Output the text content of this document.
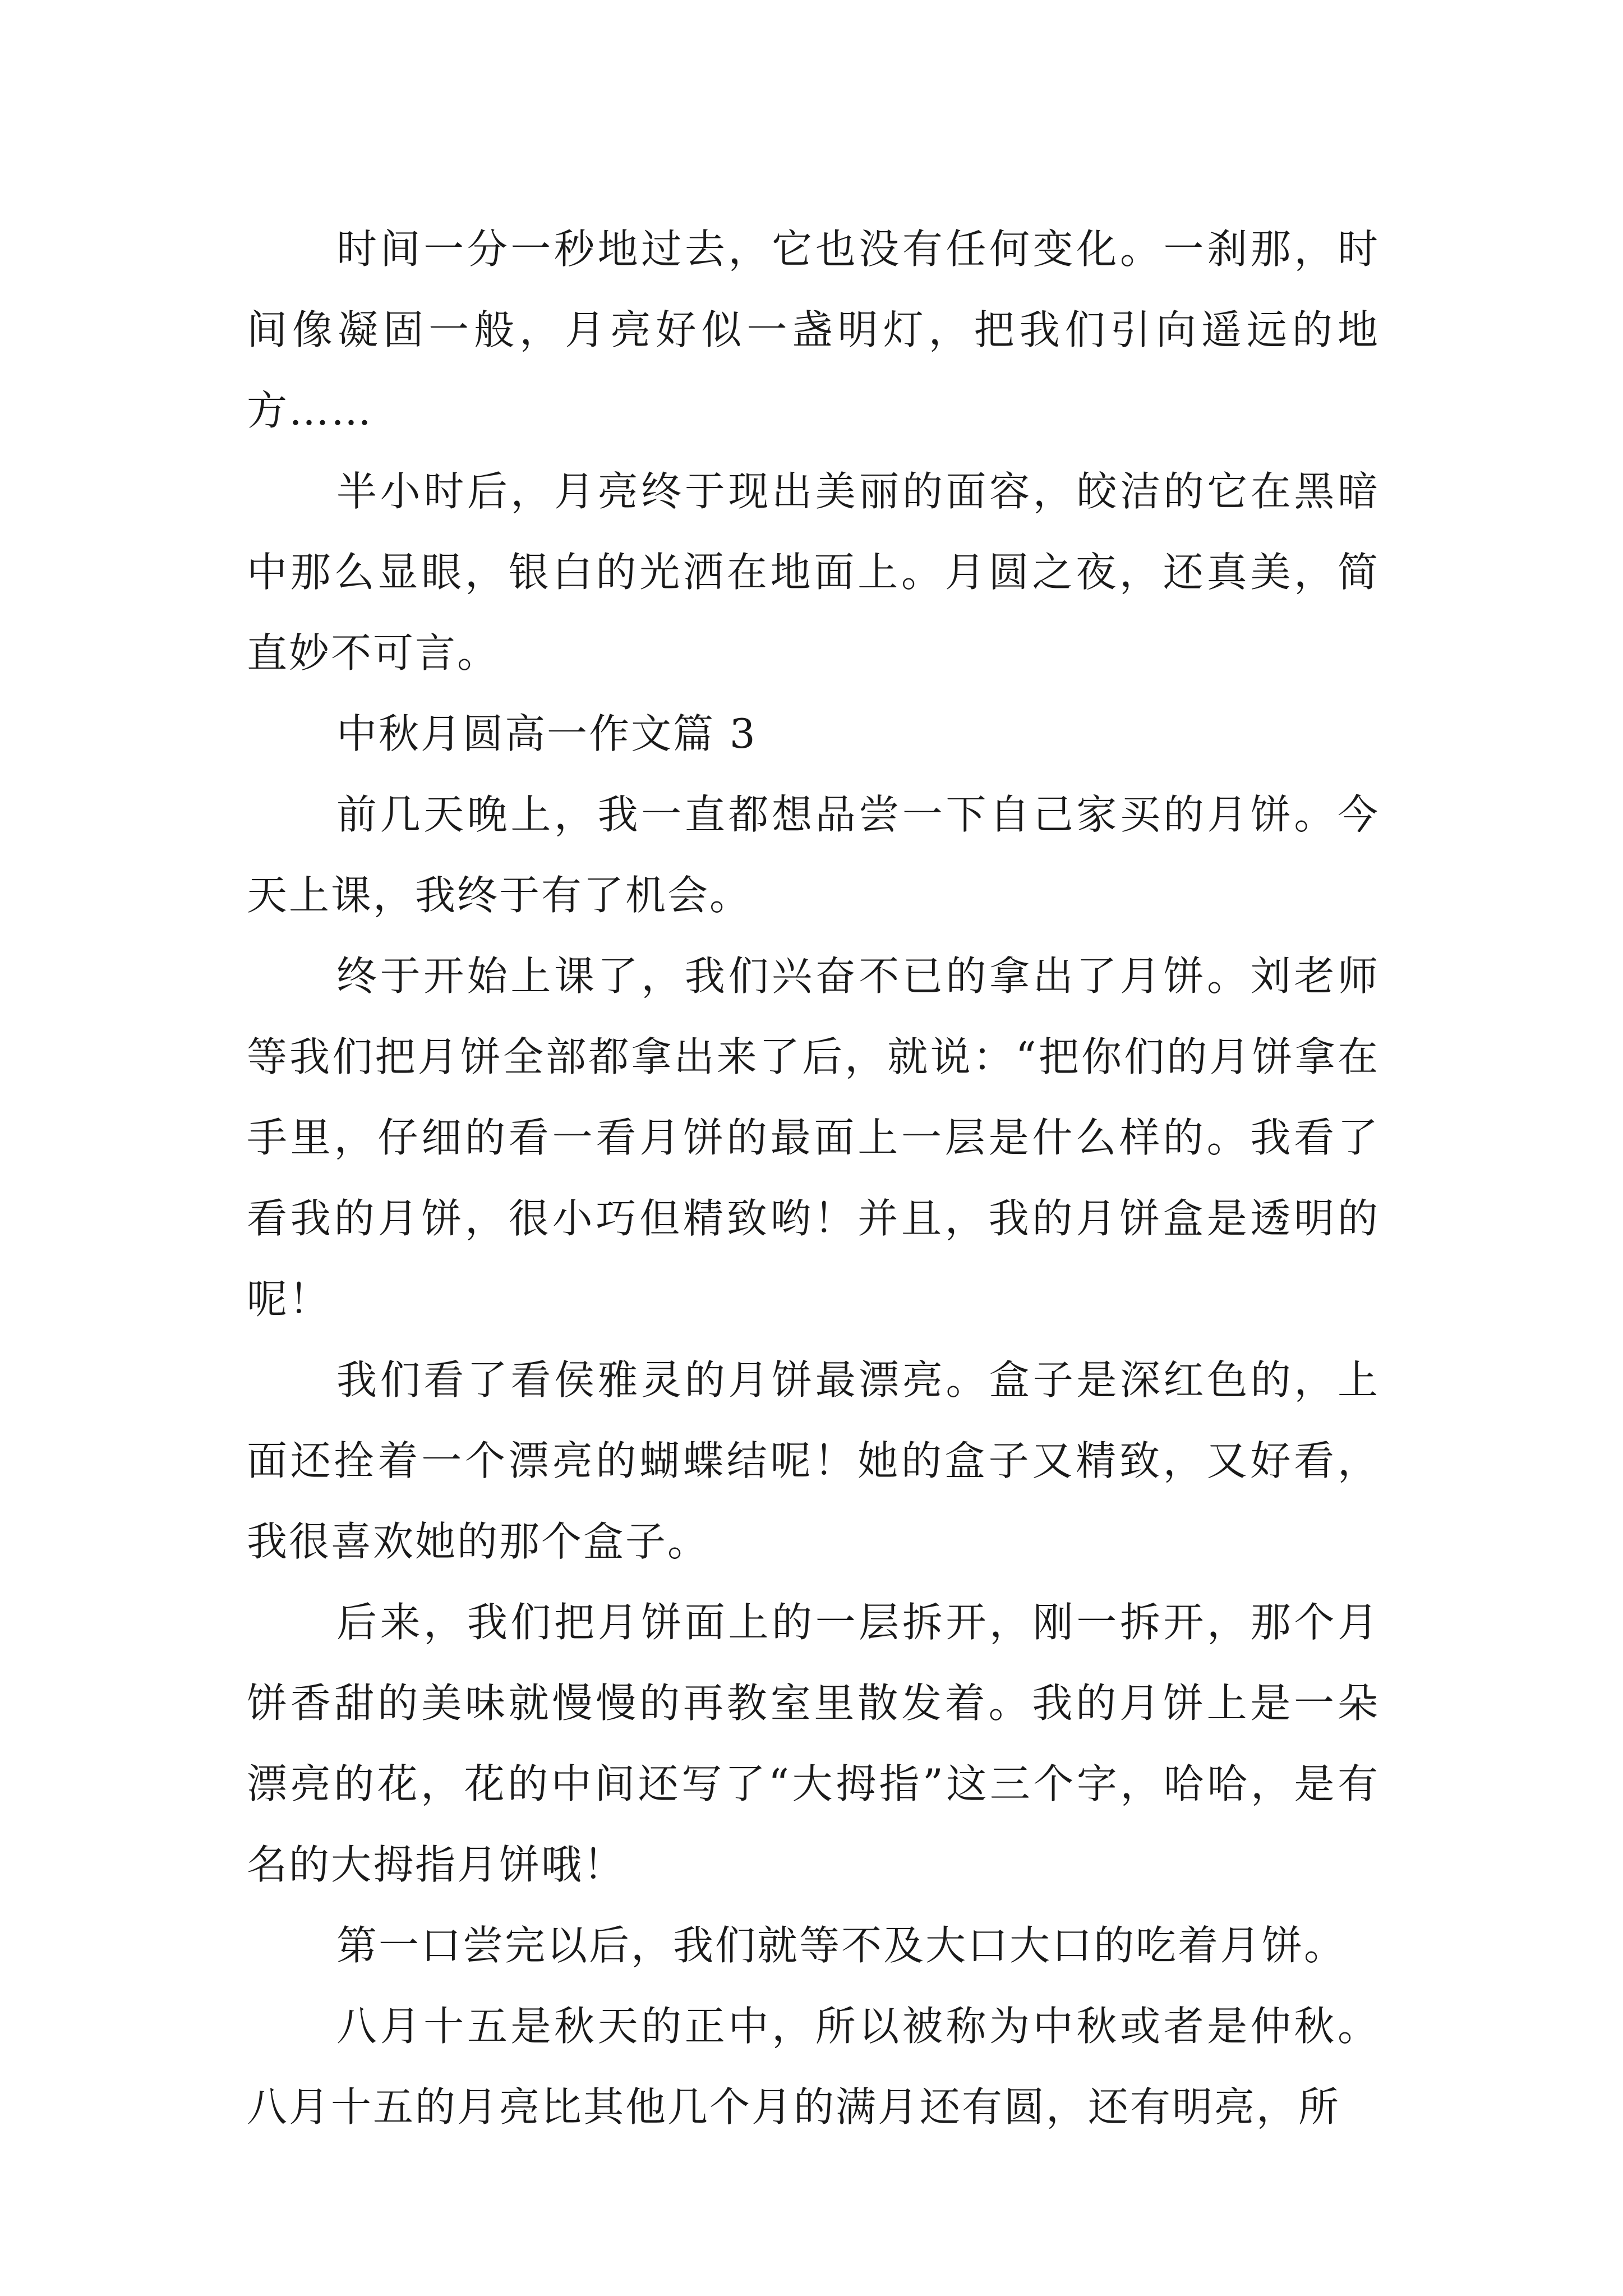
时间一分一秒地过去，它也没有任何变化。一刹那，时间像凝固一般，月亮好似一盏明灯，把我们引向遥远的地方……

半小时后，月亮终于现出美丽的面容，皎洁的它在黑暗中那么显眼，银白的光洒在地面上。月圆之夜，还真美，简直妙不可言。

中秋月圆高一作文篇 3

前几天晚上，我一直都想品尝一下自己家买的月饼。今天上课，我终于有了机会。

终于开始上课了，我们兴奋不已的拿出了月饼。刘老师等我们把月饼全部都拿出来了后，就说：“把你们的月饼拿在手里，仔细的看一看月饼的最面上一层是什么样的。我看了看我的月饼，很小巧但精致哟！并且，我的月饼盒是透明的呢！

我们看了看侯雅灵的月饼最漂亮。盒子是深红色的，上面还拴着一个漂亮的蝴蝶结呢！她的盒子又精致，又好看，我很喜欢她的那个盒子。

后来，我们把月饼面上的一层拆开，刚一拆开，那个月饼香甜的美味就慢慢的再教室里散发着。我的月饼上是一朵漂亮的花，花的中间还写了“大拇指”这三个字，哈哈，是有名的大拇指月饼哦！

第一口尝完以后，我们就等不及大口大口的吃着月饼。

八月十五是秋天的正中，所以被称为中秋或者是仲秋。八月十五的月亮比其他几个月的满月还有圆，还有明亮，所
